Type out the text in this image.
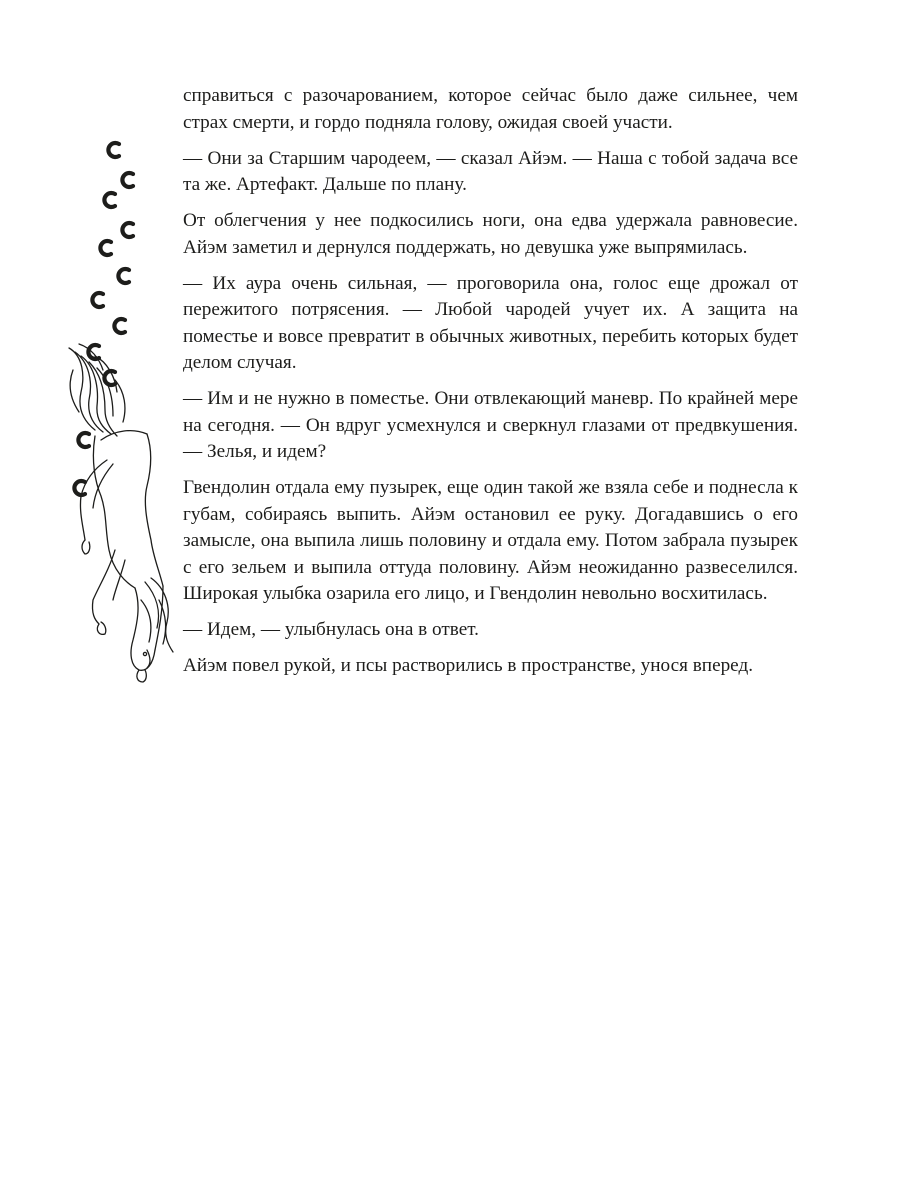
справиться с разочарованием, которое сейчас было даже сильнее, чем страх смерти, и гордо подняла голову, ожидая своей участи.

— Они за Старшим чародеем, — сказал Айэм. — Наша с тобой задача все та же. Артефакт. Дальше по плану.

От облегчения у нее подкосились ноги, она едва удержала равновесие. Айэм заметил и дернулся поддержать, но девушка уже выпрямилась.

— Их аура очень сильная, — проговорила она, голос еще дрожал от пережитого потрясения. — Любой чародей учует их. А защита на поместье и вовсе превратит в обычных животных, перебить которых будет делом случая.

— Им и не нужно в поместье. Они отвлекающий маневр. По крайней мере на сегодня. — Он вдруг усмехнулся и сверкнул глазами от предвкушения. — Зелья, и идем?

Гвендолин отдала ему пузырек, еще один такой же взяла себе и поднесла к губам, собираясь выпить. Айэм остановил ее руку. Догадавшись о его замысле, она выпила лишь половину и отдала ему. Потом забрала пузырек с его зельем и выпила оттуда половину. Айэм неожиданно развеселился. Широкая улыбка озарила его лицо, и Гвендолин невольно восхитилась.

— Идем, — улыбнулась она в ответ.

Айэм повел рукой, и псы растворились в пространстве, унося вперед.
